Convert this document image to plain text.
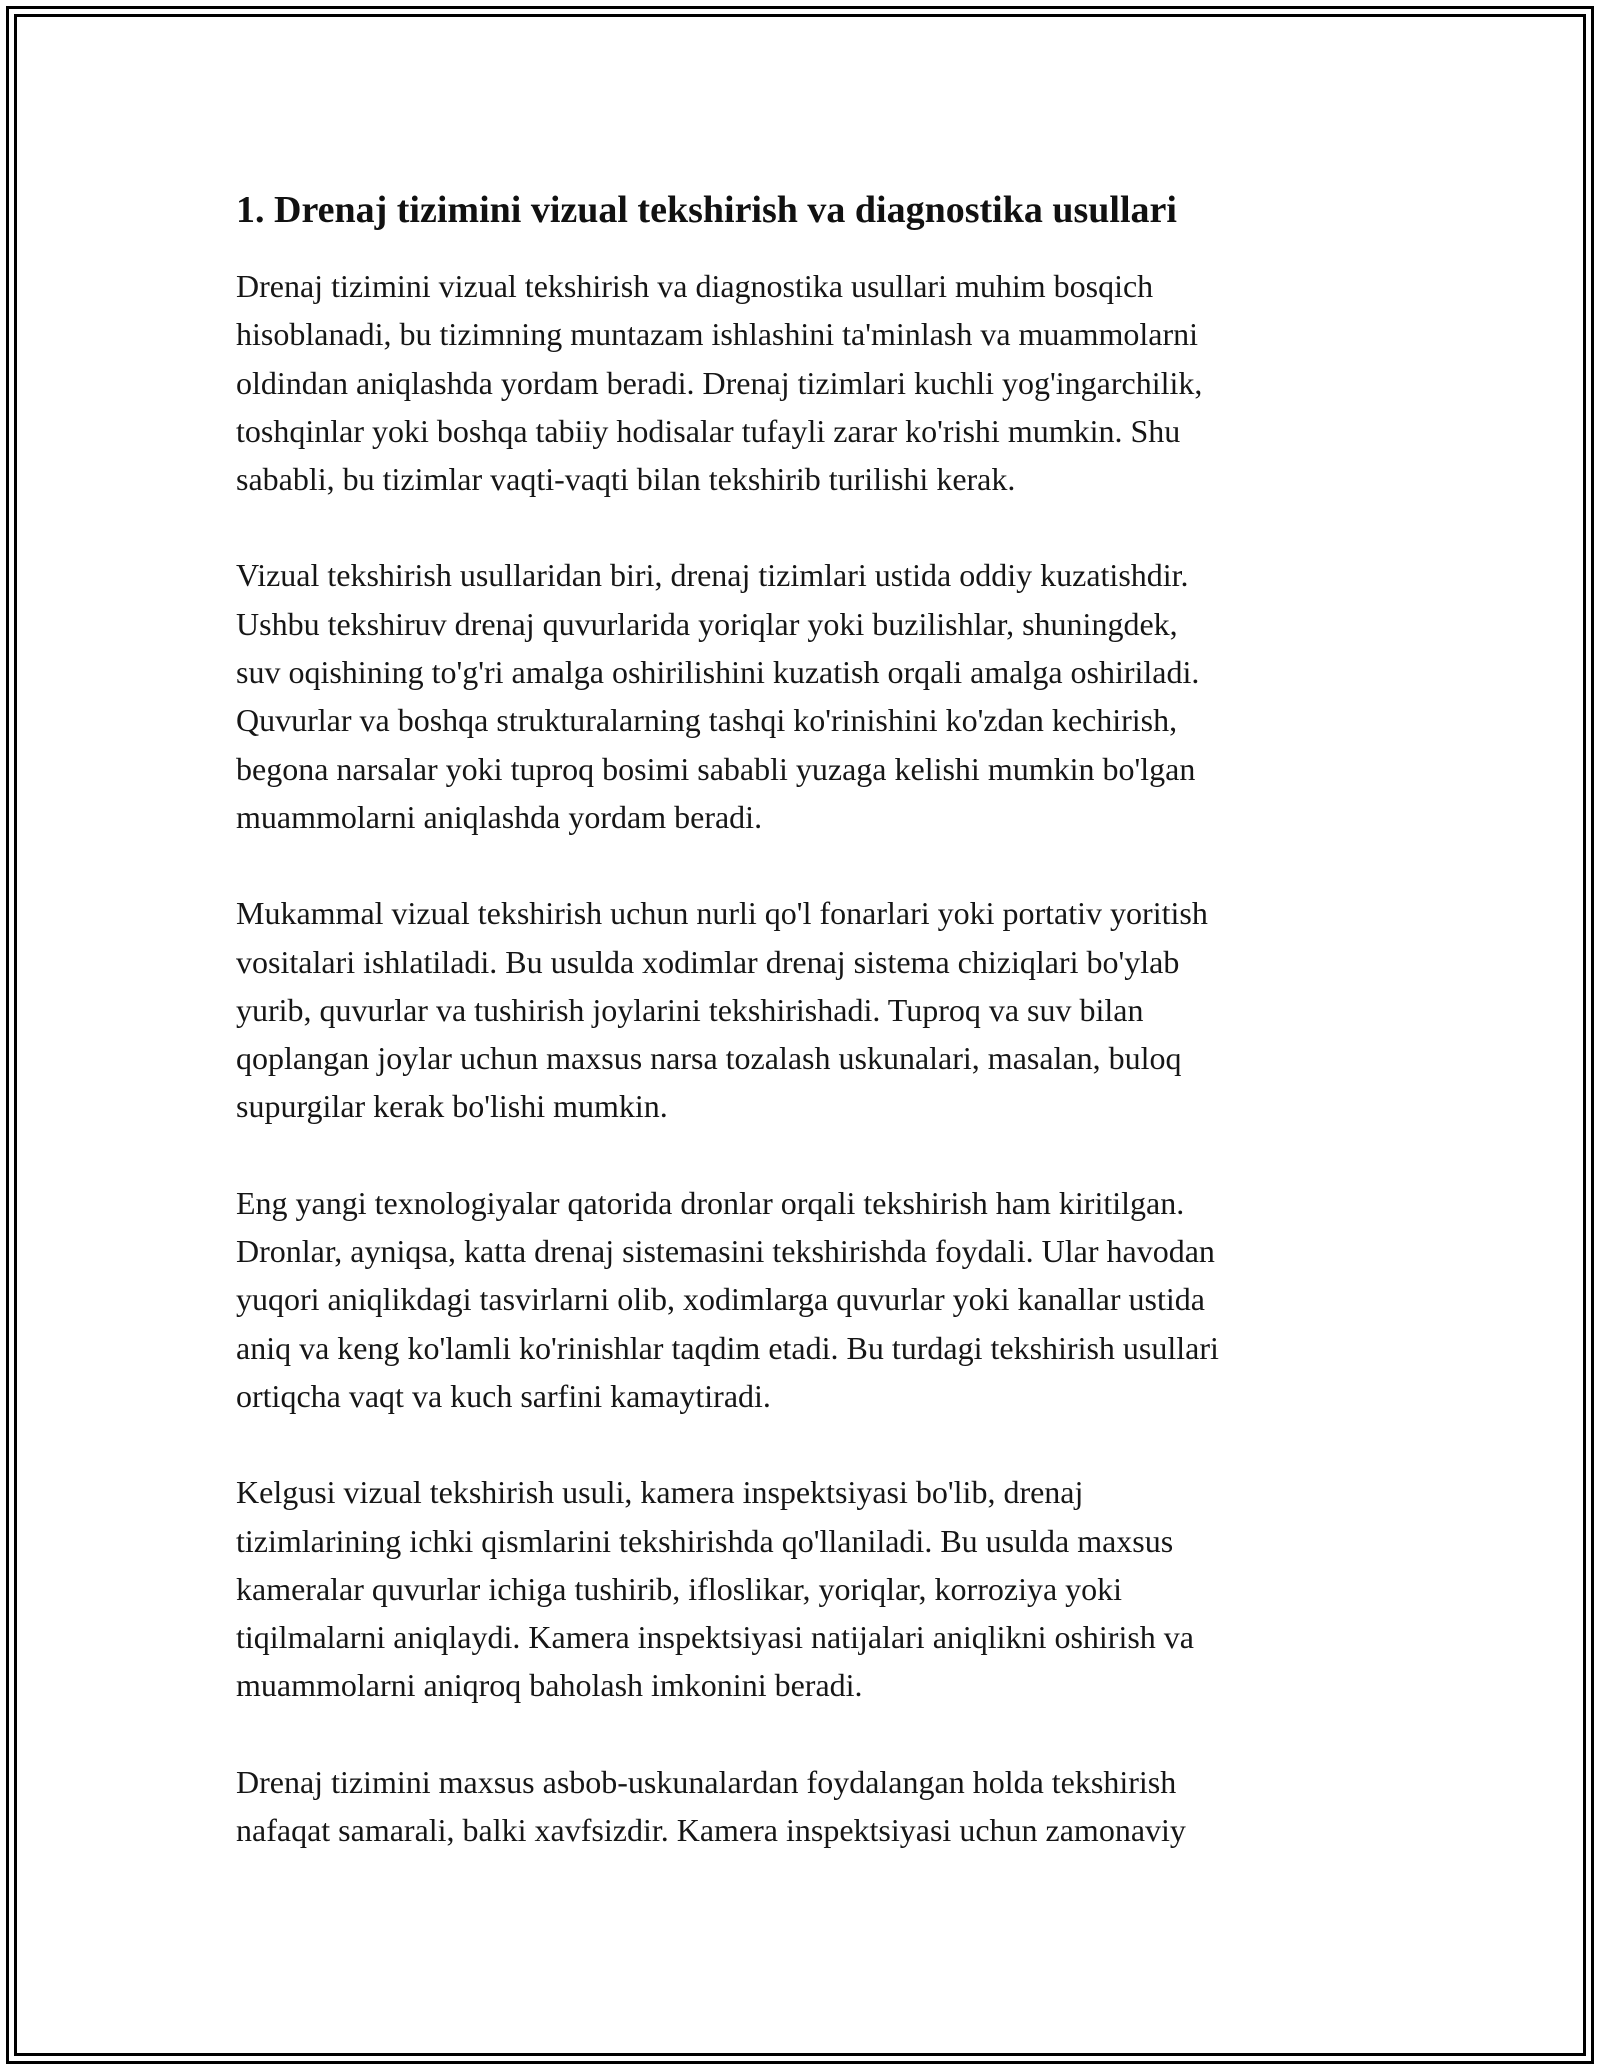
1. Drenaj tizimini vizual tekshirish va diagnostika usullari

Drenaj tizimini vizual tekshirish va diagnostika usullari muhim bosqich
hisoblanadi, bu tizimning muntazam ishlashini ta'minlash va muammolarni
oldindan aniqlashda yordam beradi. Drenaj tizimlari kuchli yog'ingarchilik,
toshqinlar yoki boshqa tabiiy hodisalar tufayli zarar ko'rishi mumkin. Shu
sababli, bu tizimlar vaqti-vaqti bilan tekshirib turilishi kerak.

Vizual tekshirish usullaridan biri, drenaj tizimlari ustida oddiy kuzatishdir.
Ushbu tekshiruv drenaj quvurlarida yoriqlar yoki buzilishlar, shuningdek,
suv oqishining to'g'ri amalga oshirilishini kuzatish orqali amalga oshiriladi.
Quvurlar va boshqa strukturalarning tashqi ko'rinishini ko'zdan kechirish,
begona narsalar yoki tuproq bosimi sababli yuzaga kelishi mumkin bo'lgan
muammolarni aniqlashda yordam beradi.

Mukammal vizual tekshirish uchun nurli qo'l fonarlari yoki portativ yoritish
vositalari ishlatiladi. Bu usulda xodimlar drenaj sistema chiziqlari bo'ylab
yurib, quvurlar va tushirish joylarini tekshirishadi. Tuproq va suv bilan
qoplangan joylar uchun maxsus narsa tozalash uskunalari, masalan, buloq
supurgilar kerak bo'lishi mumkin.

Eng yangi texnologiyalar qatorida dronlar orqali tekshirish ham kiritilgan.
Dronlar, ayniqsa, katta drenaj sistemasini tekshirishda foydali. Ular havodan
yuqori aniqlikdagi tasvirlarni olib, xodimlarga quvurlar yoki kanallar ustida
aniq va keng ko'lamli ko'rinishlar taqdim etadi. Bu turdagi tekshirish usullari
ortiqcha vaqt va kuch sarfini kamaytiradi.

Kelgusi vizual tekshirish usuli, kamera inspektsiyasi bo'lib, drenaj
tizimlarining ichki qismlarini tekshirishda qo'llaniladi. Bu usulda maxsus
kameralar quvurlar ichiga tushirib, ifloslikar, yoriqlar, korroziya yoki
tiqilmalarni aniqlaydi. Kamera inspektsiyasi natijalari aniqlikni oshirish va
muammolarni aniqroq baholash imkonini beradi.

Drenaj tizimini maxsus asbob-uskunalardan foydalangan holda tekshirish
nafaqat samarali, balki xavfsizdir. Kamera inspektsiyasi uchun zamonaviy
